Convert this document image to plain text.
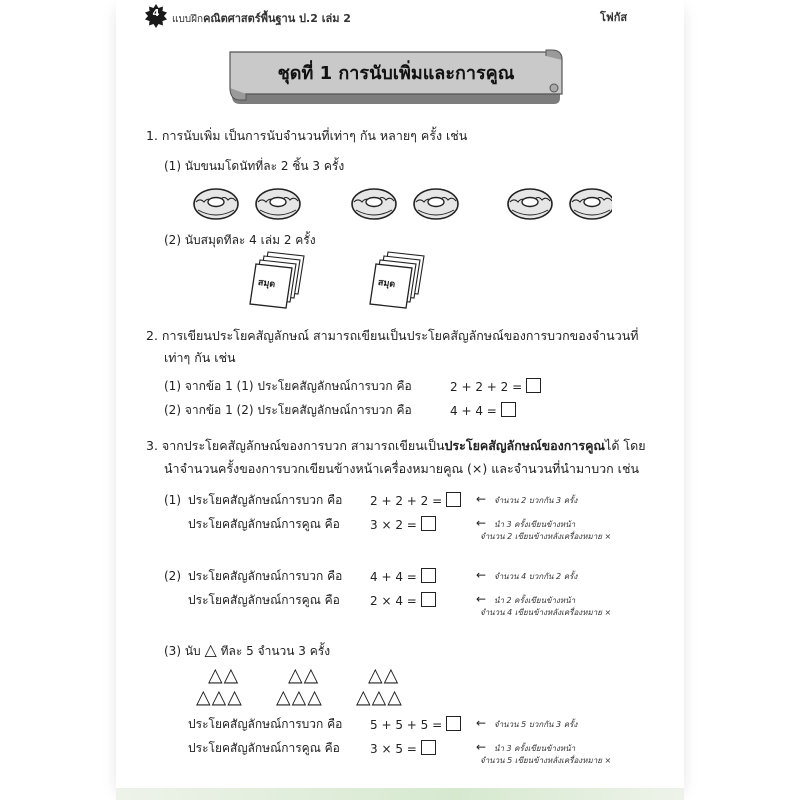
4
แบบฝึกคณิตศาสตร์พื้นฐาน ป.2 เล่ม 2	โฟกัส
ชุดที่ 1 การนับเพิ่มและการคูณ
1. การนับเพิ่ม เป็นการนับจำนวนที่เท่าๆ กัน หลายๆ ครั้ง เช่น
(1) นับขนมโดนัทที่ละ 2 ชิ้น 3 ครั้ง
(2) นับสมุดทีละ 4 เล่ม 2 ครั้ง
สมุด	สมุด
2. การเขียนประโยคสัญลักษณ์ สามารถเขียนเป็นประโยคสัญลักษณ์ของการบวกของจำนวนที่
เท่าๆ กัน เช่น
(1) จากข้อ 1 (1) ประโยคสัญลักษณ์การบวก คือ	2 + 2 + 2 =
(2) จากข้อ 1 (2) ประโยคสัญลักษณ์การบวก คือ	4 + 4 =
3. จากประโยคสัญลักษณ์ของการบวก สามารถเขียนเป็นประโยคสัญลักษณ์ของการคูณได้ โดย
นำจำนวนครั้งของการบวกเขียนข้างหน้าเครื่องหมายคูณ (×) และจำนวนที่นำมาบวก เช่น
(1) ประโยคสัญลักษณ์การบวก คือ 2 + 2 + 2 =	← จำนวน 2 บวกกัน 3 ครั้ง
ประโยคสัญลักษณ์การคูณ คือ	3 × 2 =	← นำ 3 ครั้งเขียนข้างหน้า
จำนวน 2 เขียนข้างหลังเครื่องหมาย ×
(2) ประโยคสัญลักษณ์การบวก คือ 4 + 4 =	← จำนวน 4 บวกกัน 2 ครั้ง
ประโยคสัญลักษณ์การคูณ คือ	2 × 4 =	← นำ 2 ครั้งเขียนข้างหน้า
จำนวน 4 เขียนข้างหลังเครื่องหมาย ×
(3) นับ △ ทีละ 5 จำนวน 3 ครั้ง
△△	△△	△△
△△△ △△△ △△△
ประโยคสัญลักษณ์การบวก คือ 5 + 5 + 5 =	← จำนวน 5 บวกกัน 3 ครั้ง
ประโยคสัญลักษณ์การคูณ คือ	3 × 5 =	← นำ 3 ครั้งเขียนข้างหน้า
จำนวน 5 เขียนข้างหลังเครื่องหมาย ×
